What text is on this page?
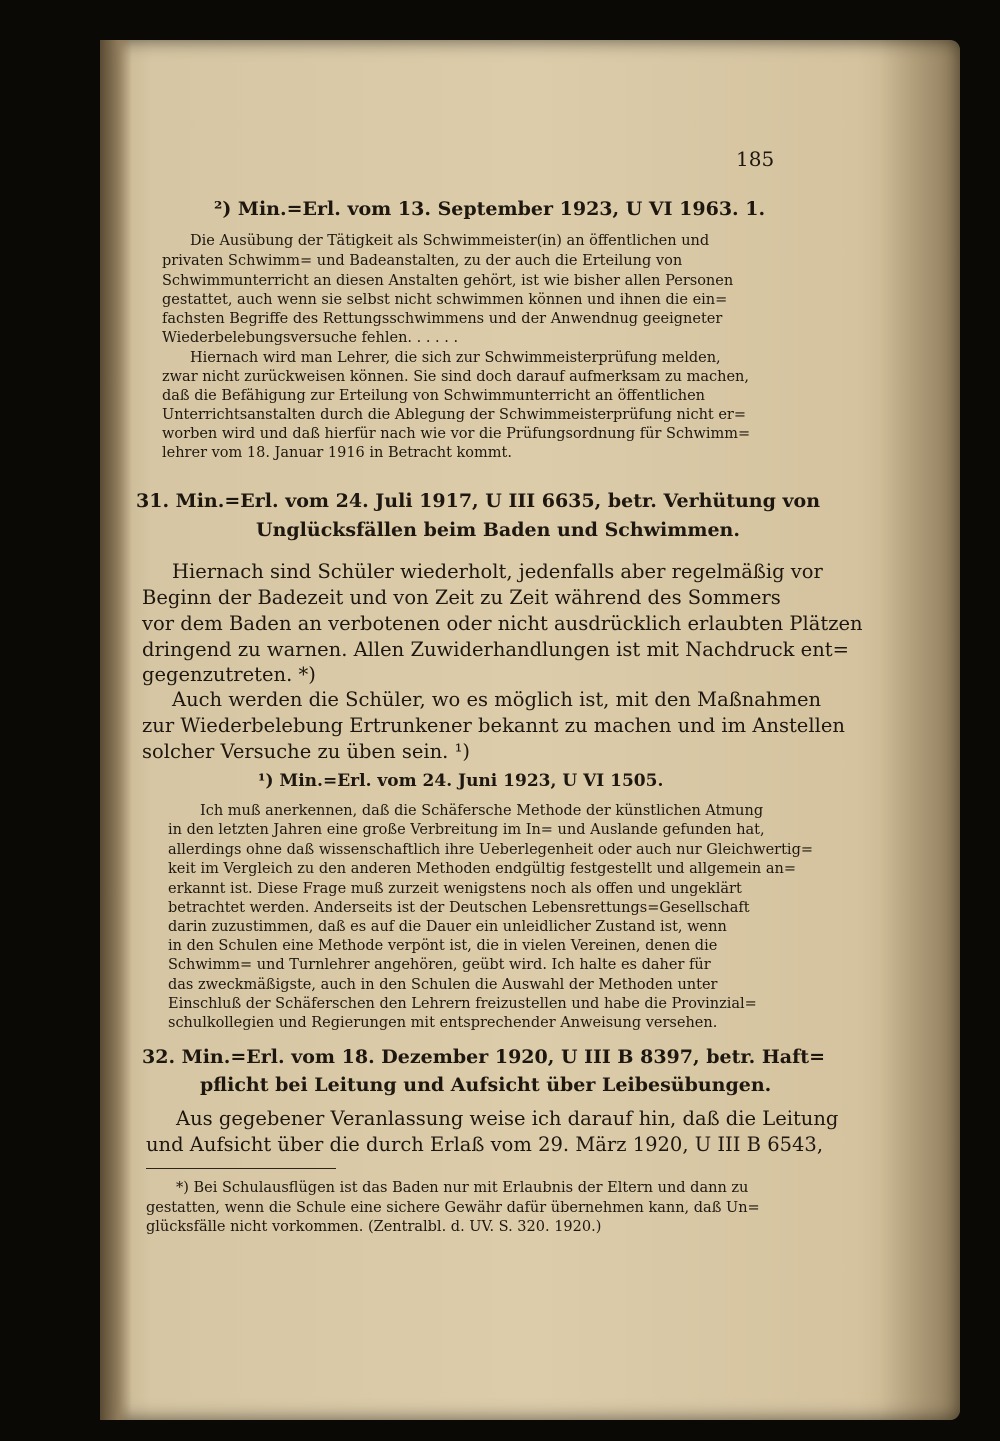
185
²) Min.=Erl. vom 13. September 1923, U VI 1963. 1.
Die Ausübung der Tätigkeit als Schwimmeister(in) an öffentlichen und
privaten Schwimm= und Badeanstalten, zu der auch die Erteilung von
Schwimmunterricht an diesen Anstalten gehört, ist wie bisher allen Personen
gestattet, auch wenn sie selbst nicht schwimmen können und ihnen die ein=
fachsten Begriffe des Rettungsschwimmens und der Anwendnug geeigneter
Wiederbelebungsversuche fehlen. . . . . .
Hiernach wird man Lehrer, die sich zur Schwimmeisterprüfung melden,
zwar nicht zurückweisen können. Sie sind doch darauf aufmerksam zu machen,
daß die Befähigung zur Erteilung von Schwimmunterricht an öffentlichen
Unterrichtsanstalten durch die Ablegung der Schwimmeisterprüfung nicht er=
worben wird und daß hierfür nach wie vor die Prüfungsordnung für Schwimm=
lehrer vom 18. Januar 1916 in Betracht kommt.
31. Min.=Erl. vom 24. Juli 1917, U III 6635, betr. Verhütung von
Unglücksfällen beim Baden und Schwimmen.
Hiernach sind Schüler wiederholt, jedenfalls aber regelmäßig vor
Beginn der Badezeit und von Zeit zu Zeit während des Sommers
vor dem Baden an verbotenen oder nicht ausdrücklich erlaubten Plätzen
dringend zu warnen. Allen Zuwiderhandlungen ist mit Nachdruck ent=
gegenzutreten. *)
Auch werden die Schüler, wo es möglich ist, mit den Maßnahmen
zur Wiederbelebung Ertrunkener bekannt zu machen und im Anstellen
solcher Versuche zu üben sein. ¹)
¹) Min.=Erl. vom 24. Juni 1923, U VI 1505.
Ich muß anerkennen, daß die Schäfersche Methode der künstlichen Atmung
in den letzten Jahren eine große Verbreitung im In= und Auslande gefunden hat,
allerdings ohne daß wissenschaftlich ihre Ueberlegenheit oder auch nur Gleichwertig=
keit im Vergleich zu den anderen Methoden endgültig festgestellt und allgemein an=
erkannt ist. Diese Frage muß zurzeit wenigstens noch als offen und ungeklärt
betrachtet werden. Anderseits ist der Deutschen Lebensrettungs=Gesellschaft
darin zuzustimmen, daß es auf die Dauer ein unleidlicher Zustand ist, wenn
in den Schulen eine Methode verpönt ist, die in vielen Vereinen, denen die
Schwimm= und Turnlehrer angehören, geübt wird. Ich halte es daher für
das zweckmäßigste, auch in den Schulen die Auswahl der Methoden unter
Einschluß der Schäferschen den Lehrern freizustellen und habe die Provinzial=
schulkollegien und Regierungen mit entsprechender Anweisung versehen.
32. Min.=Erl. vom 18. Dezember 1920, U III B 8397, betr. Haft=
pflicht bei Leitung und Aufsicht über Leibesübungen.
Aus gegebener Veranlassung weise ich darauf hin, daß die Leitung
und Aufsicht über die durch Erlaß vom 29. März 1920, U III B 6543,
*) Bei Schulausflügen ist das Baden nur mit Erlaubnis der Eltern und dann zu
gestatten, wenn die Schule eine sichere Gewähr dafür übernehmen kann, daß Un=
glücksfälle nicht vorkommen. (Zentralbl. d. UV. S. 320. 1920.)
